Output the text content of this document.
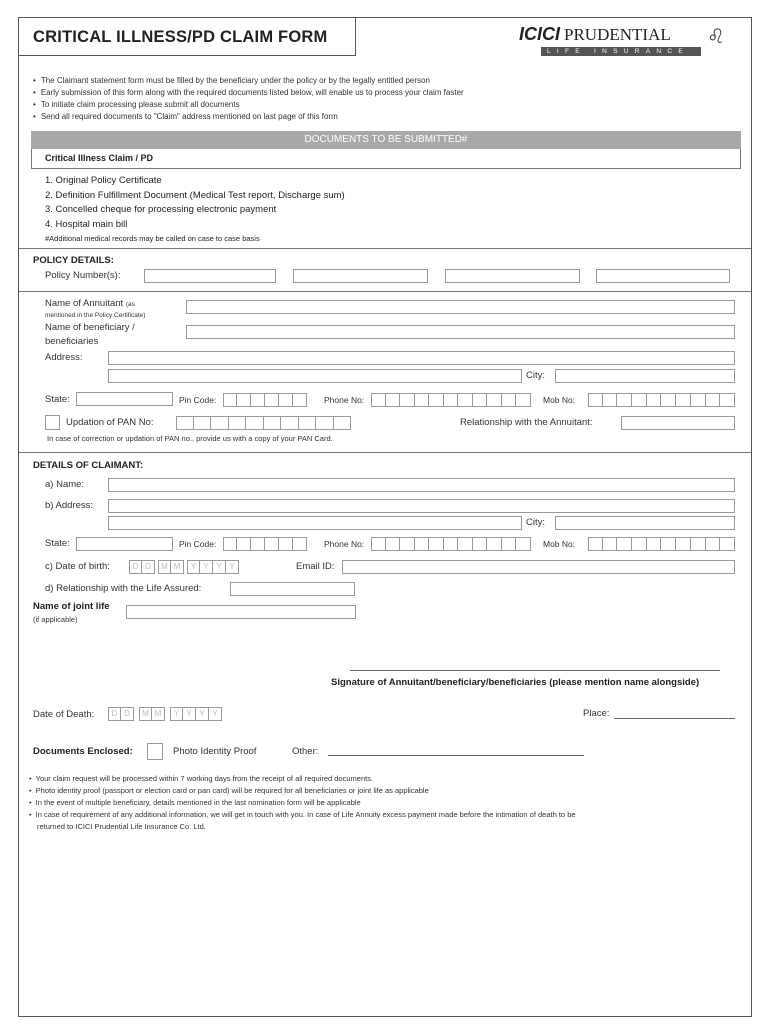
CRITICAL ILLNESS/PD CLAIM FORM	ICICI PRUDENTIAL
LIFE INSURANCE
♌
• The Claimant statement form must be filled by the beneficiary under the policy or by the legally entitled person
• Early submission of this form along with the required documents listed below, will enable us to process your claim faster
• To initiate claim processing please submit all documents
• Send all required documents to "Claim" address mentioned on last page of this form
DOCUMENTS TO BE SUBMITTED#
Critical Illness Claim / PD
1. Original Policy Certificate
2. Definition Fulfillment Document (Medical Test report, Discharge sum)
3. Concelled cheque for processing electronic payment
4. Hospital main bill
#Additional medical records may be called on case to case basis
POLICY DETAILS:
Policy Number(s):
Name of Annuitant (as
mentioned in the Policy Certificate)
Name of beneficiary /
beneficiaries
Address:
City:
State:	Pin Code:	Phone No:	Mob No:
Updation of PAN No:	Relationship with the Annuitant:
In case of correction or updation of PAN no., provide us with a copy of your PAN Card.
DETAILS OF CLAIMANT:
a) Name:
b) Address:
City:
State:	Pin Code:	Phone No:	Mob No:
c) Date of birth:	D D	M M	Y Y Y Y	Email ID:
d) Relationship with the Life Assured:
Name of joint life
(if applicable)
Signature of Annuitant/beneficiary/beneficiaries (please mention name alongside)
Date of Death:	D D	M M	Y Y Y Y	Place:
Documents Enclosed:	Photo Identity Proof	Other:
• Your claim request will be processed within 7 working days from the receipt of all required documents.
• Photo identity proof (passport or election card or pan card) will be required for all beneficiaries or joint life as applicable
• In the event of multiple beneficiary, details mentioned in the last nomination form will be applicable
• In case of requirement of any additional information, we will get in touch with you. In case of Life Annuity excess payment made before the intimation of death to be
returned to ICICI Prudential Life Insurance Co. Ltd.
